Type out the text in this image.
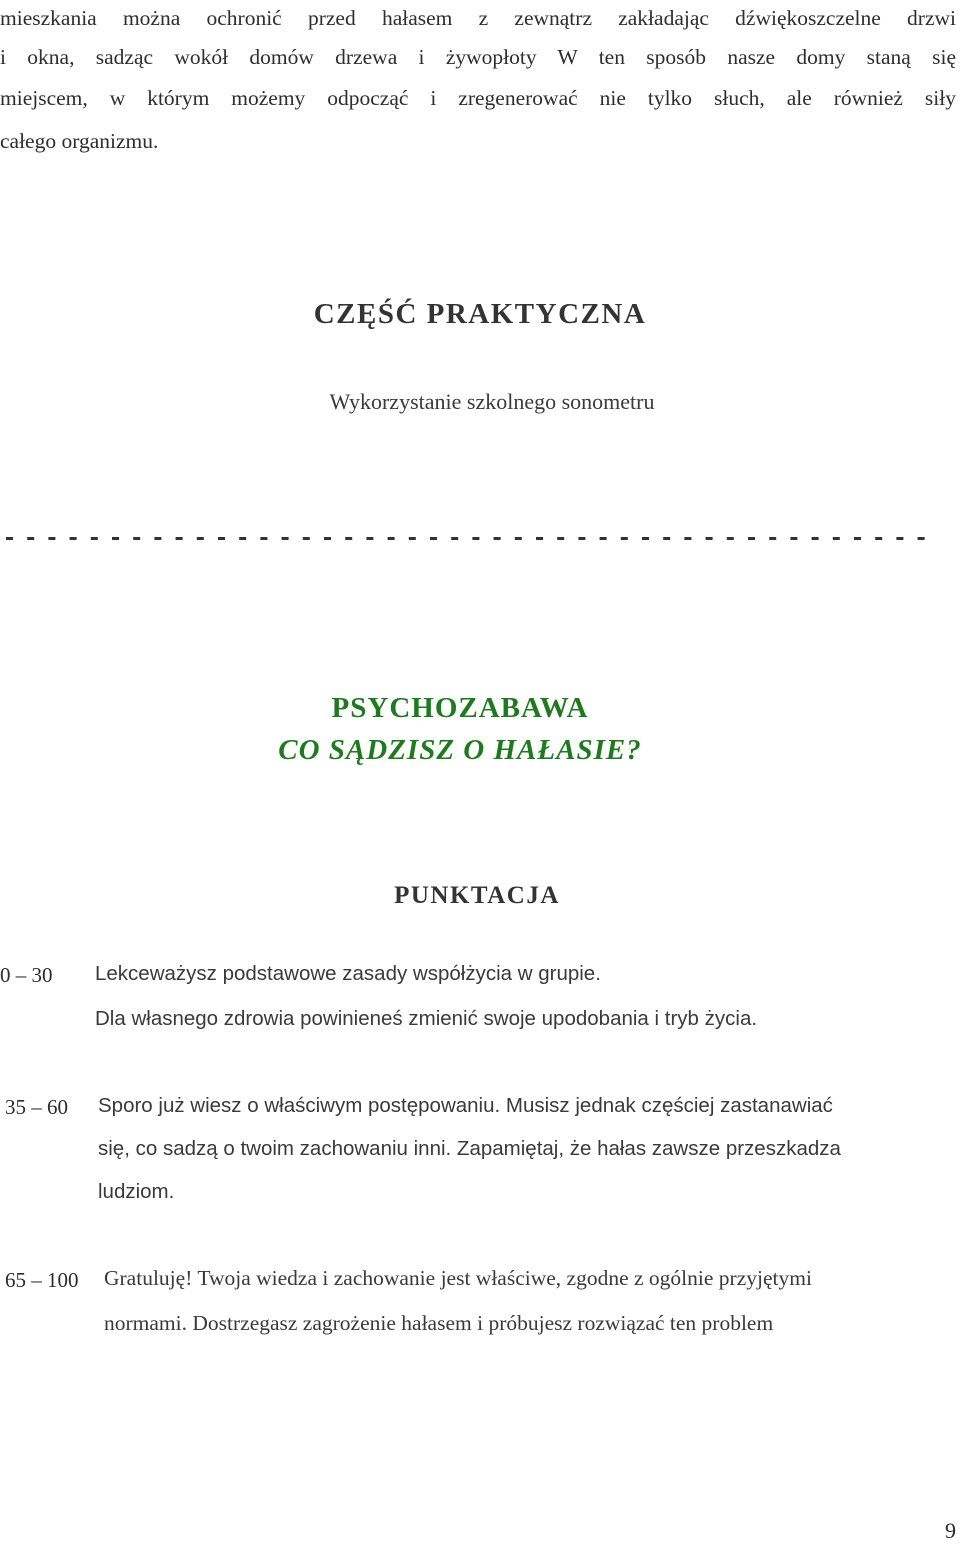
mieszkania można ochronić przed hałasem z zewnątrz zakładając dźwiękoszczelne drzwi
i okna, sadząc wokół domów drzewa i żywopłoty W ten sposób nasze domy staną się
miejscem, w którym możemy odpocząć i zregenerować nie tylko słuch, ale również siły
całego organizmu.
CZĘŚĆ PRAKTYCZNA
Wykorzystanie szkolnego sonometru
PSYCHOZABAWA
CO SĄDZISZ O HAŁASIE?
PUNKTACJA
0 – 30 Lekceważysz podstawowe zasady współżycia w grupie.
Dla własnego zdrowia powinieneś zmienić swoje upodobania i tryb życia.
35 – 60 Sporo już wiesz o właściwym postępowaniu. Musisz jednak częściej zastanawiać
się, co sadzą o twoim zachowaniu inni. Zapamiętaj, że hałas zawsze przeszkadza
ludziom.
65 – 100 Gratuluję! Twoja wiedza i zachowanie jest właściwe, zgodne z ogólnie przyjętymi
normami. Dostrzegasz zagrożenie hałasem i próbujesz rozwiązać ten problem
9
